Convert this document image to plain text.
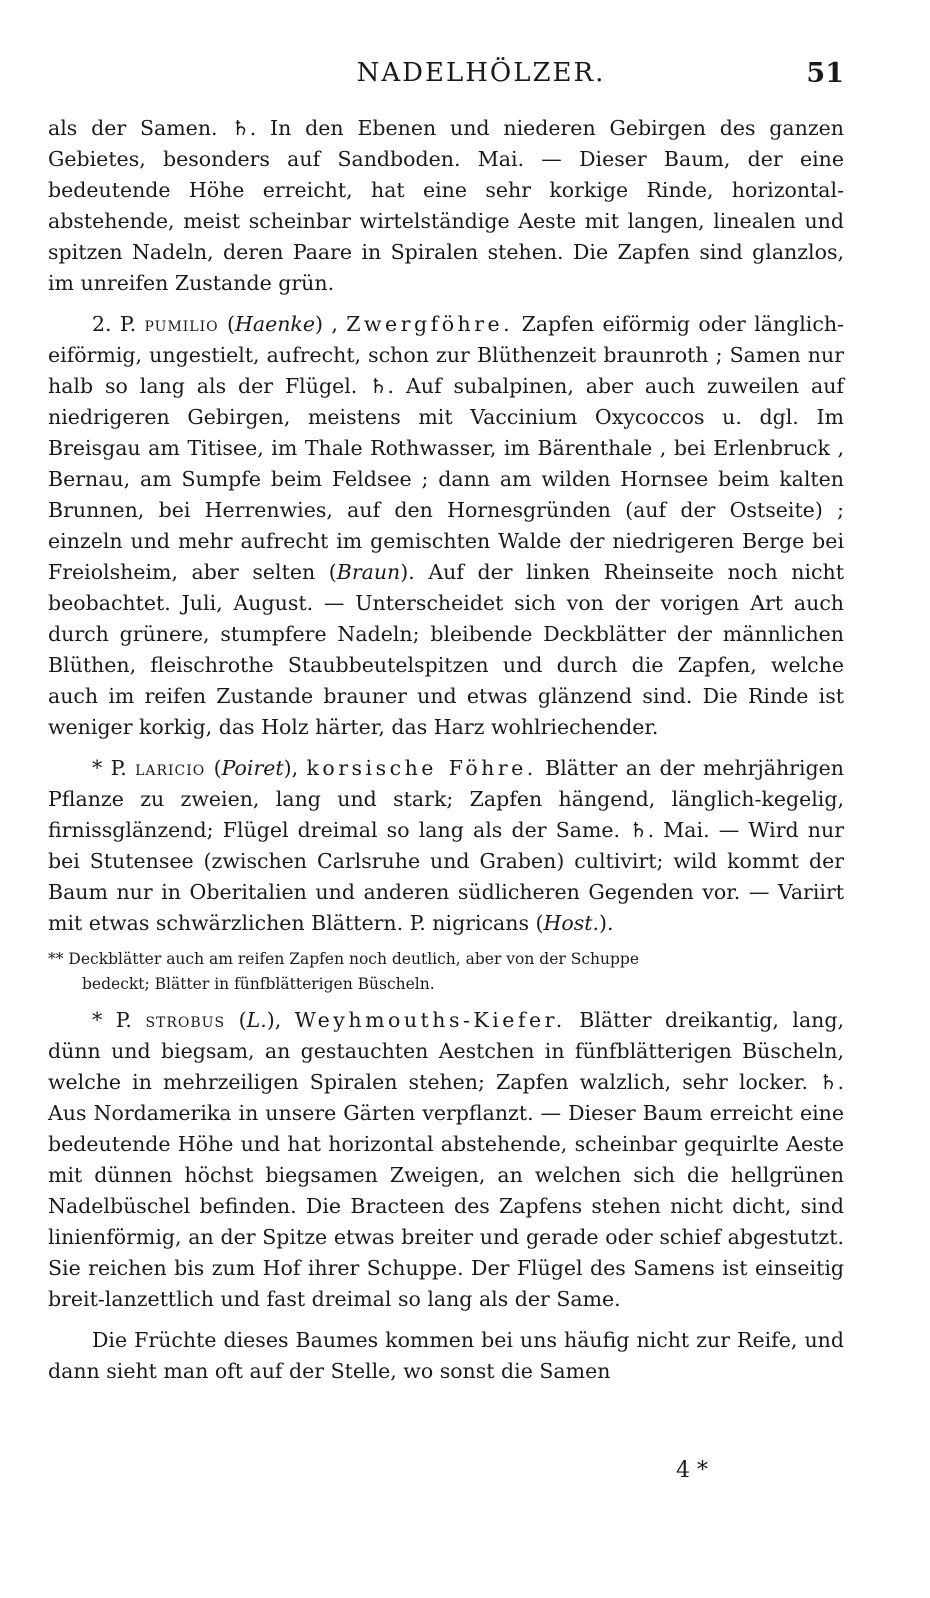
NADELHÖLZER.	51

als der Samen. ♄. In den Ebenen und niederen Gebirgen des ganzen Gebietes, besonders auf Sandboden. Mai. — Dieser Baum, der eine bedeutende Höhe erreicht, hat eine sehr korkige Rinde, horizontal-abstehende, meist scheinbar wirtelständige Aeste mit langen, linealen und spitzen Nadeln, deren Paare in Spiralen stehen. Die Zapfen sind glanzlos, im unreifen Zustande grün.

2. P. pumilio (Haenke) , Zwergföhre. Zapfen eiförmig oder länglich-eiförmig, ungestielt, aufrecht, schon zur Blüthenzeit braunroth ; Samen nur halb so lang als der Flügel. ♄. Auf subalpinen, aber auch zuweilen auf niedrigeren Gebirgen, meistens mit Vaccinium Oxycoccos u. dgl. Im Breisgau am Titisee, im Thale Rothwasser, im Bärenthale , bei Erlenbruck , Bernau, am Sumpfe beim Feldsee ; dann am wilden Hornsee beim kalten Brunnen, bei Herrenwies, auf den Hornesgründen (auf der Ostseite) ; einzeln und mehr aufrecht im gemischten Walde der niedrigeren Berge bei Freiolsheim, aber selten (Braun). Auf der linken Rheinseite noch nicht beobachtet. Juli, August. — Unterscheidet sich von der vorigen Art auch durch grünere, stumpfere Nadeln; bleibende Deckblätter der männlichen Blüthen, fleischrothe Staubbeutelspitzen und durch die Zapfen, welche auch im reifen Zustande brauner und etwas glänzend sind. Die Rinde ist weniger korkig, das Holz härter, das Harz wohlriechender.

* P. laricio (Poiret), korsische Föhre. Blätter an der mehrjährigen Pflanze zu zweien, lang und stark; Zapfen hängend, länglich-kegelig, firnissglänzend; Flügel dreimal so lang als der Same. ♄. Mai. — Wird nur bei Stutensee (zwischen Carlsruhe und Graben) cultivirt; wild kommt der Baum nur in Oberitalien und anderen südlicheren Gegenden vor. — Variirt mit etwas schwärzlichen Blättern. P. nigricans (Host.).

** Deckblätter auch am reifen Zapfen noch deutlich, aber von der Schuppe
bedeckt; Blätter in fünfblätterigen Büscheln.

* P. strobus (L.), Weyhmouths-Kiefer. Blätter dreikantig, lang, dünn und biegsam, an gestauchten Aestchen in fünfblätterigen Büscheln, welche in mehrzeiligen Spiralen stehen; Zapfen walzlich, sehr locker. ♄. Aus Nordamerika in unsere Gärten verpflanzt. — Dieser Baum erreicht eine bedeutende Höhe und hat horizontal abstehende, scheinbar gequirlte Aeste mit dünnen höchst biegsamen Zweigen, an welchen sich die hellgrünen Nadelbüschel befinden. Die Bracteen des Zapfens stehen nicht dicht, sind linienförmig, an der Spitze etwas breiter und gerade oder schief abgestutzt. Sie reichen bis zum Hof ihrer Schuppe. Der Flügel des Samens ist einseitig breit-lanzettlich und fast dreimal so lang als der Same.

Die Früchte dieses Baumes kommen bei uns häufig nicht zur Reife, und dann sieht man oft auf der Stelle, wo sonst die Samen

4 *
